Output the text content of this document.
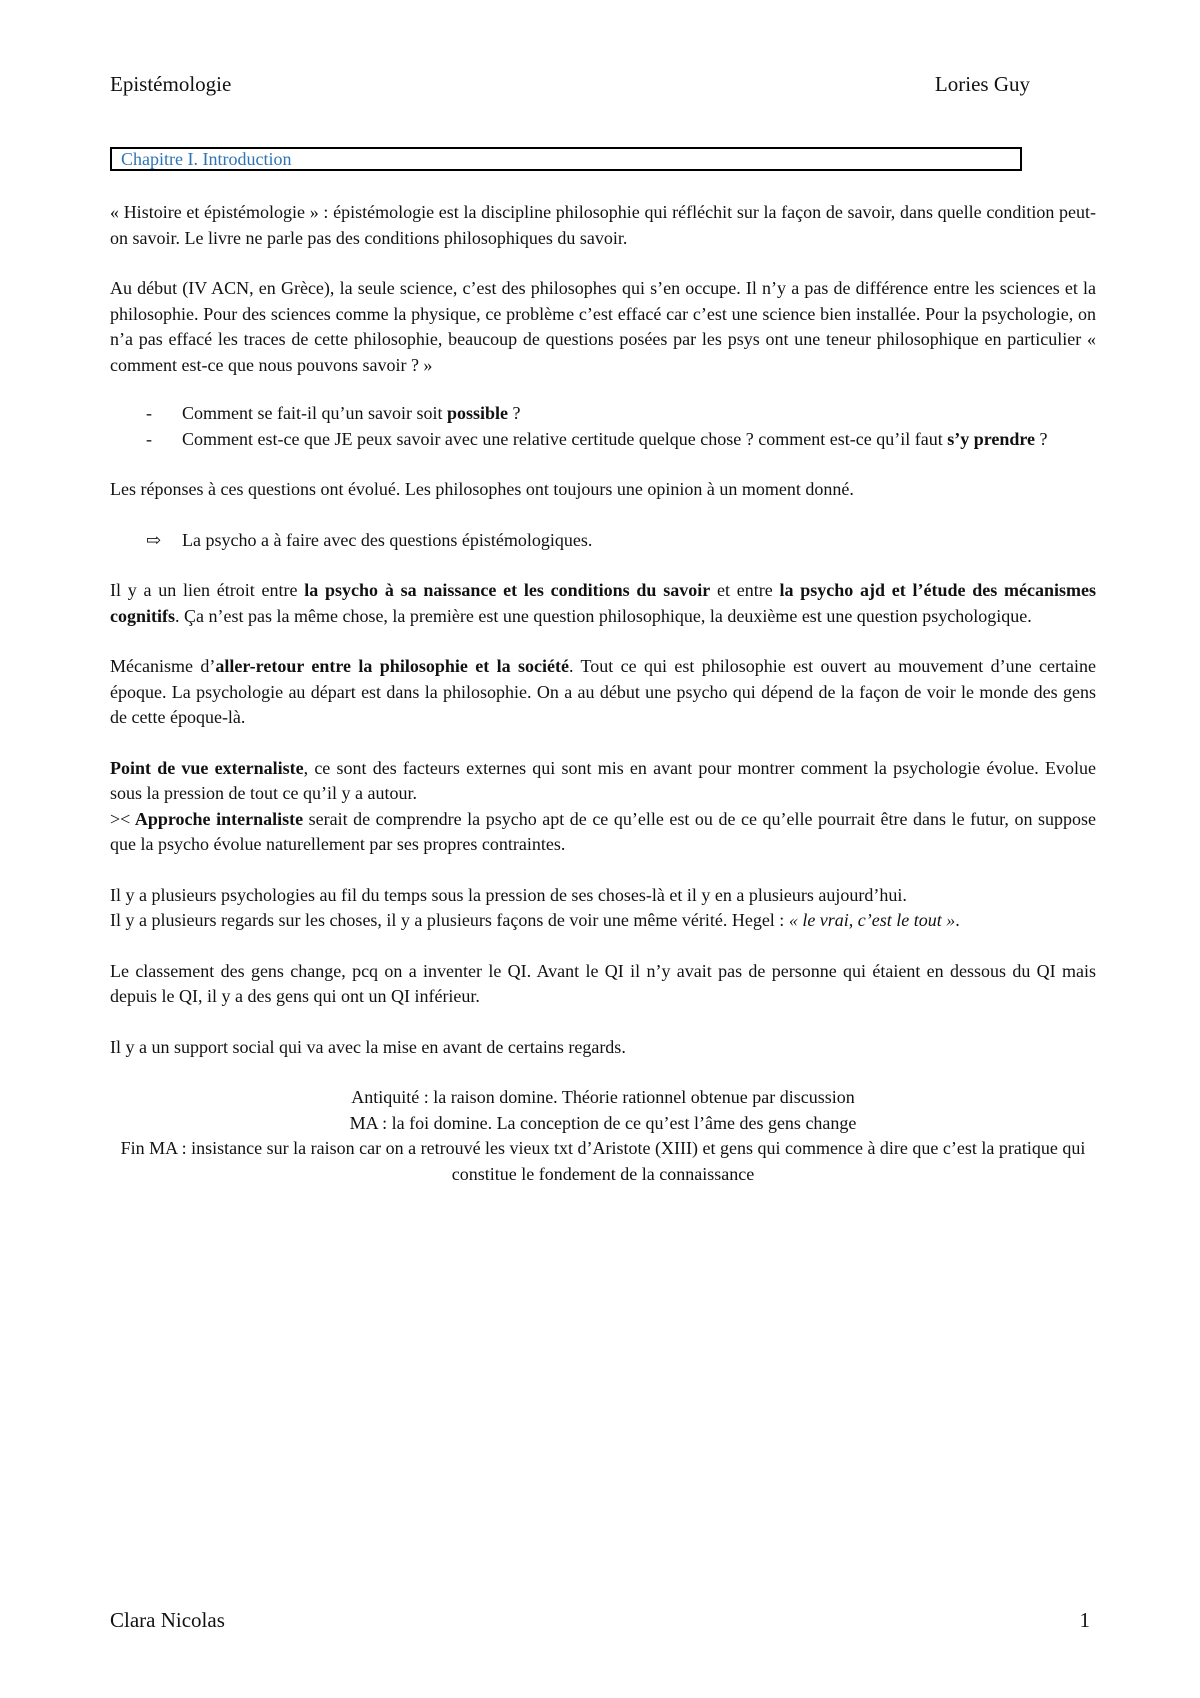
Epistémologie	Lories Guy
Chapitre I. Introduction

« Histoire et épistémologie » : épistémologie est la discipline philosophie qui réfléchit sur la façon de savoir, dans quelle condition peut-on savoir. Le livre ne parle pas des conditions philosophiques du savoir.

Au début (IV ACN, en Grèce), la seule science, c’est des philosophes qui s’en occupe. Il n’y a pas de différence entre les sciences et la philosophie. Pour des sciences comme la physique, ce problème c’est effacé car c’est une science bien installée. Pour la psychologie, on n’a pas effacé les traces de cette philosophie, beaucoup de questions posées par les psys ont une teneur philosophique en particulier « comment est-ce que nous pouvons savoir ? »

- Comment se fait-il qu’un savoir soit possible ?
- Comment est-ce que JE peux savoir avec une relative certitude quelque chose ? comment est-ce qu’il faut s’y prendre ?

Les réponses à ces questions ont évolué. Les philosophes ont toujours une opinion à un moment donné.

⇨ La psycho a à faire avec des questions épistémologiques.

Il y a un lien étroit entre la psycho à sa naissance et les conditions du savoir et entre la psycho ajd et l’étude des mécanismes cognitifs. Ça n’est pas la même chose, la première est une question philosophique, la deuxième est une question psychologique.

Mécanisme d’aller-retour entre la philosophie et la société. Tout ce qui est philosophie est ouvert au mouvement d’une certaine époque. La psychologie au départ est dans la philosophie. On a au début une psycho qui dépend de la façon de voir le monde des gens de cette époque-là.

Point de vue externaliste, ce sont des facteurs externes qui sont mis en avant pour montrer comment la psychologie évolue. Evolue sous la pression de tout ce qu’il y a autour.
>< Approche internaliste serait de comprendre la psycho apt de ce qu’elle est ou de ce qu’elle pourrait être dans le futur, on suppose que la psycho évolue naturellement par ses propres contraintes.

Il y a plusieurs psychologies au fil du temps sous la pression de ses choses-là et il y en a plusieurs aujourd’hui.
Il y a plusieurs regards sur les choses, il y a plusieurs façons de voir une même vérité. Hegel : « le vrai, c’est le tout ».

Le classement des gens change, pcq on a inventer le QI. Avant le QI il n’y avait pas de personne qui étaient en dessous du QI mais depuis le QI, il y a des gens qui ont un QI inférieur.

Il y a un support social qui va avec la mise en avant de certains regards.

Antiquité : la raison domine. Théorie rationnel obtenue par discussion

MA : la foi domine. La conception de ce qu’est l’âme des gens change

Fin MA : insistance sur la raison car on a retrouvé les vieux txt d’Aristote (XIII) et gens qui commence à dire que c’est la pratique qui constitue le fondement de la connaissance

Clara Nicolas	1
